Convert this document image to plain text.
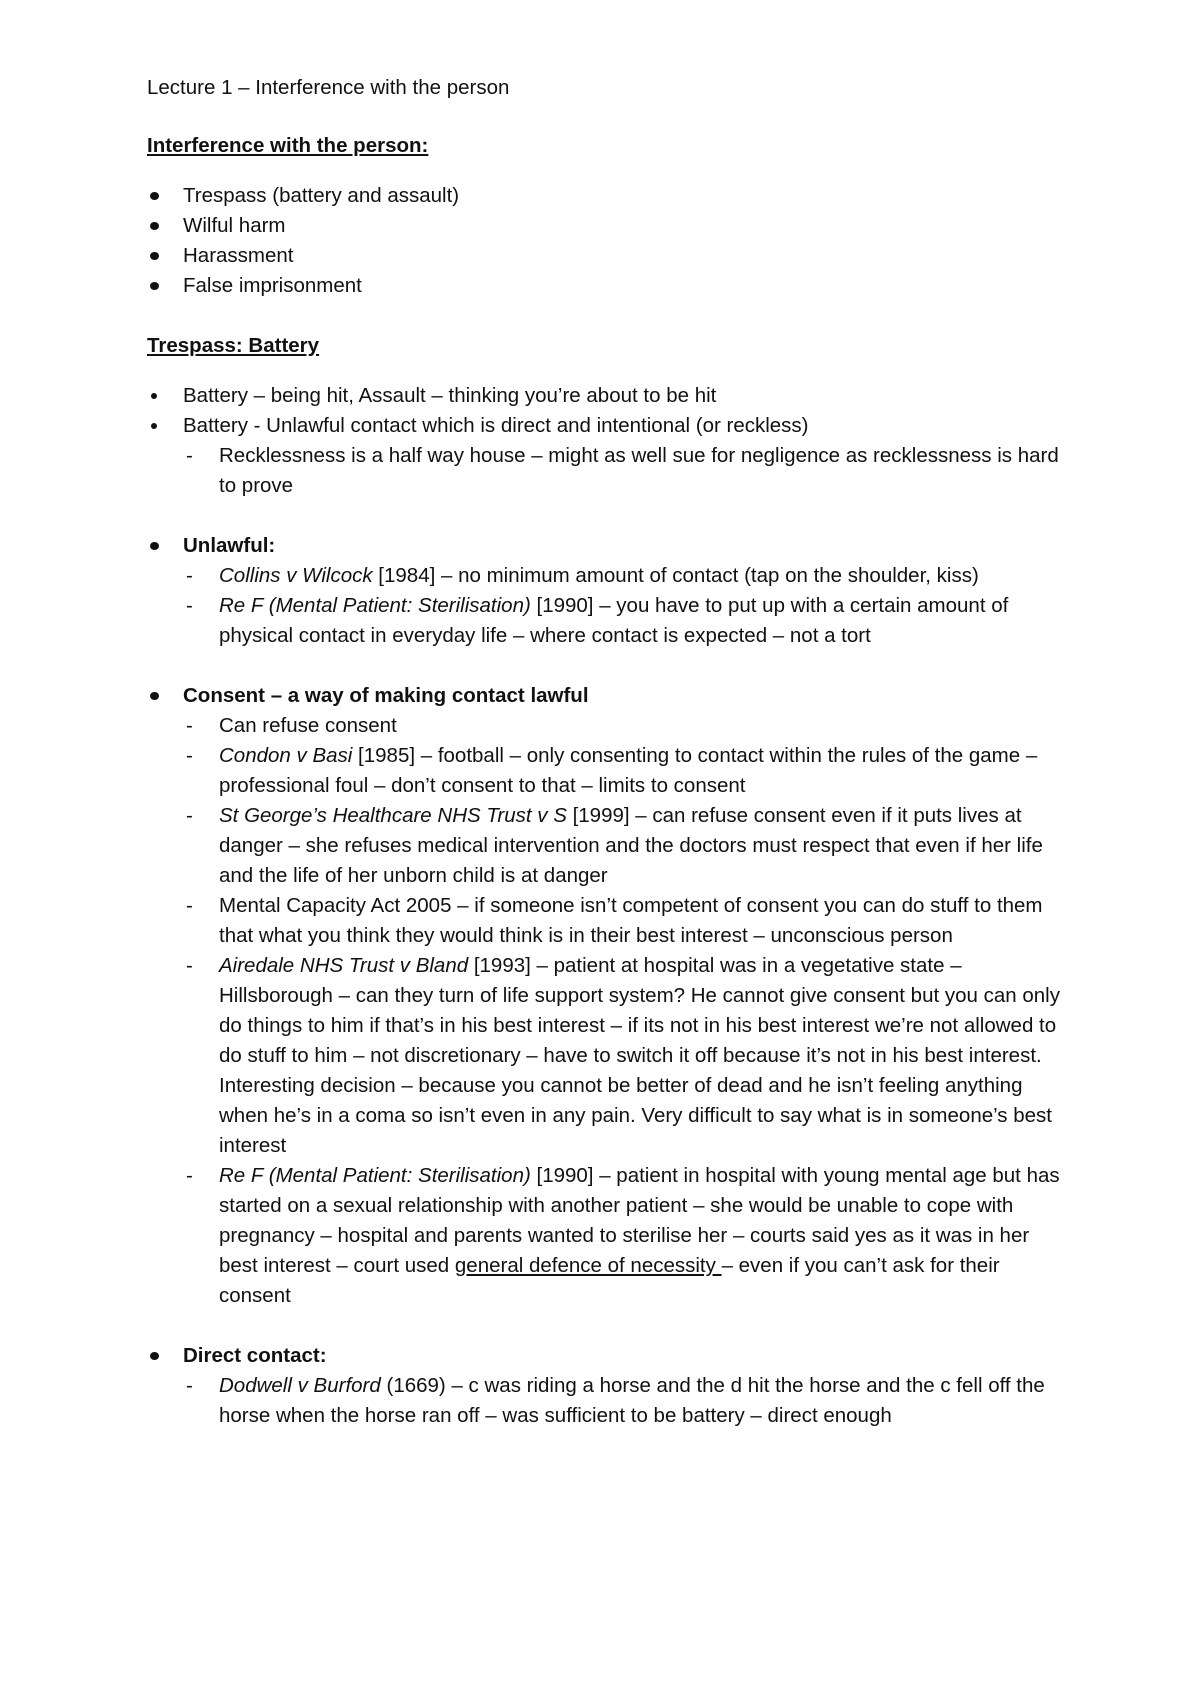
Lecture 1 – Interference with the person
Interference with the person:
Trespass (battery and assault)
Wilful harm
Harassment
False imprisonment
Trespass: Battery
Battery – being hit, Assault – thinking you’re about to be hit
Battery - Unlawful contact which is direct and intentional (or reckless)
- Recklessness is a half way house – might as well sue for negligence as recklessness is hard to prove
Unlawful:
- Collins v Wilcock [1984] – no minimum amount of contact (tap on the shoulder, kiss)
- Re F (Mental Patient: Sterilisation) [1990] – you have to put up with a certain amount of physical contact in everyday life – where contact is expected – not a tort
Consent – a way of making contact lawful
- Can refuse consent
- Condon v Basi [1985] – football – only consenting to contact within the rules of the game – professional foul – don’t consent to that – limits to consent
- St George’s Healthcare NHS Trust v S [1999] – can refuse consent even if it puts lives at danger – she refuses medical intervention and the doctors must respect that even if her life and the life of her unborn child is at danger
- Mental Capacity Act 2005 – if someone isn’t competent of consent you can do stuff to them that what you think they would think is in their best interest – unconscious person
- Airedale NHS Trust v Bland [1993] – patient at hospital was in a vegetative state – Hillsborough – can they turn of life support system? He cannot give consent but you can only do things to him if that’s in his best interest – if its not in his best interest we’re not allowed to do stuff to him – not discretionary – have to switch it off because it’s not in his best interest. Interesting decision – because you cannot be better of dead and he isn’t feeling anything when he’s in a coma so isn’t even in any pain. Very difficult to say what is in someone’s best interest
- Re F (Mental Patient: Sterilisation) [1990] – patient in hospital with young mental age but has started on a sexual relationship with another patient – she would be unable to cope with pregnancy – hospital and parents wanted to sterilise her – courts said yes as it was in her best interest – court used general defence of necessity – even if you can’t ask for their consent
Direct contact:
- Dodwell v Burford (1669) – c was riding a horse and the d hit the horse and the c fell off the horse when the horse ran off – was sufficient to be battery – direct enough
